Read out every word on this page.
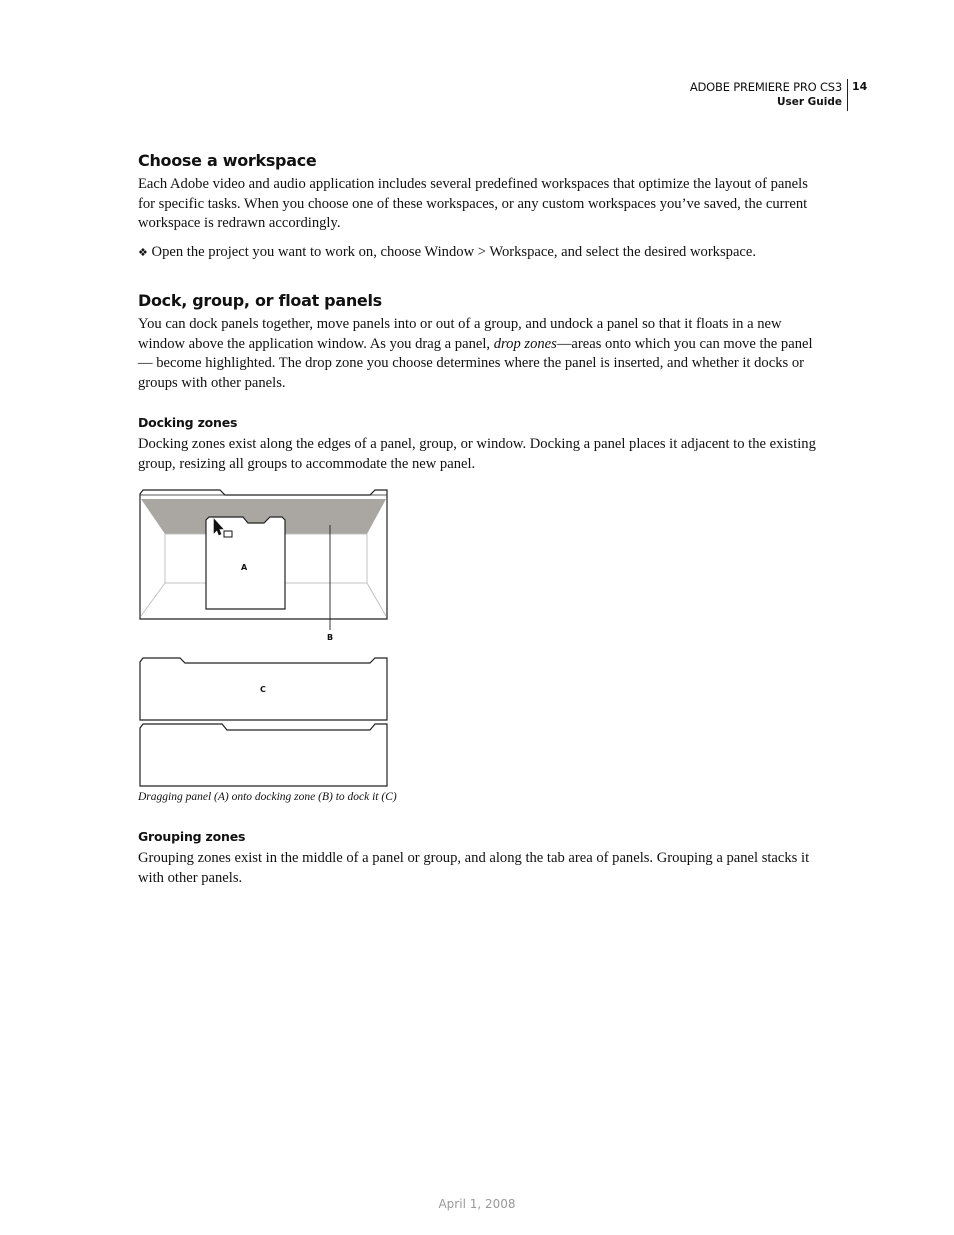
ADOBE PREMIERE PRO CS3
User Guide
14
Choose a workspace

Each Adobe video and audio application includes several predefined workspaces that optimize the layout of panels for specific tasks. When you choose one of these workspaces, or any custom workspaces you’ve saved, the current workspace is redrawn accordingly.

❖ Open the project you want to work on, choose Window > Workspace, and select the desired workspace.

Dock, group, or float panels

You can dock panels together, move panels into or out of a group, and undock a panel so that it floats in a new window above the application window. As you drag a panel, drop zones—areas onto which you can move the panel— become highlighted. The drop zone you choose determines where the panel is inserted, and whether it docks or groups with other panels.

Docking zones

Docking zones exist along the edges of a panel, group, or window. Docking a panel places it adjacent to the existing group, resizing all groups to accommodate the new panel.

A
B
C

Dragging panel (A) onto docking zone (B) to dock it (C)

Grouping zones

Grouping zones exist in the middle of a panel or group, and along the tab area of panels. Grouping a panel stacks it with other panels.

April 1, 2008
